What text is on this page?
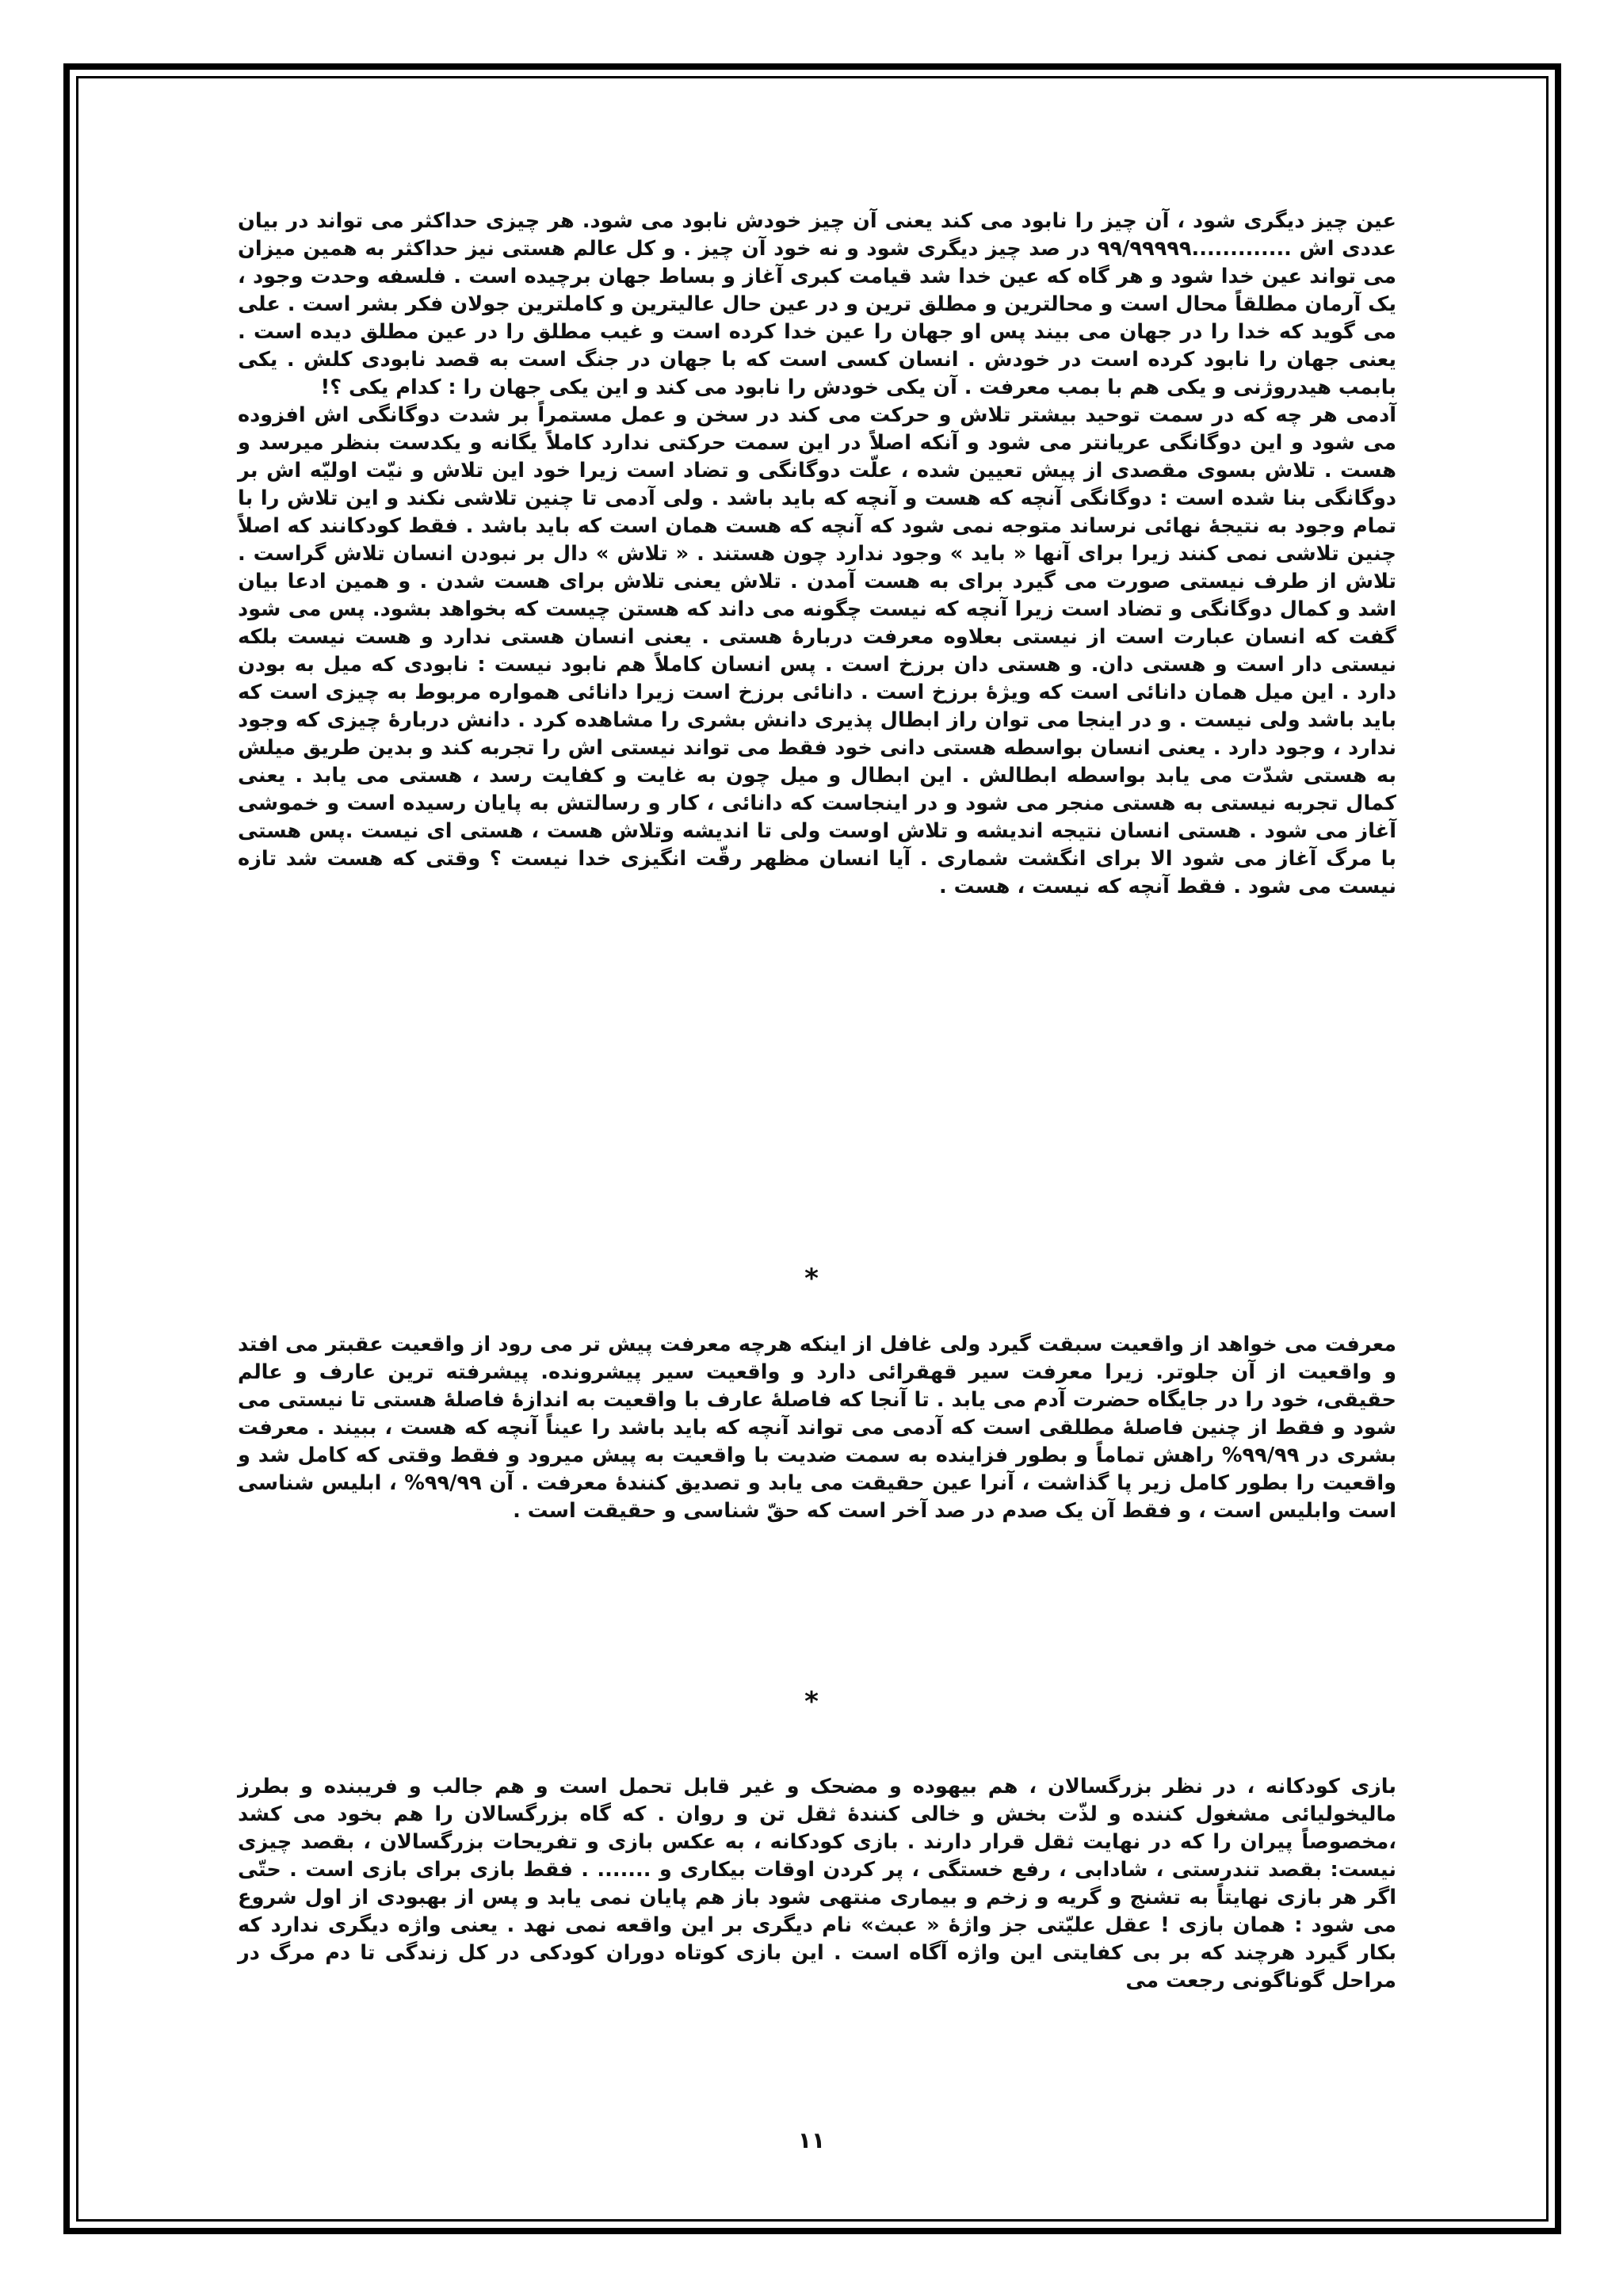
عین چیز دیگری شود ، آن چیز را نابود می کند یعنی آن چیز خودش نابود می شود. هر چیزی حداکثر می تواند در بیان عددی اش .............۹۹/۹۹۹۹۹ در صد چیز دیگری شود و نه خود آن چیز . و کل عالم هستی نیز حداکثر به همین میزان می تواند عین خدا شود و هر گاه که عین خدا شد قیامت کبری آغاز و بساط جهان برچیده است . فلسفه وحدت وجود ، یک آرمان مطلقاً محال است و محالترین و مطلق ترین و در عین حال عالیترین و کاملترین جولان فکر بشر است . علی می گوید که خدا را در جهان می بیند پس او جهان را عین خدا کرده است و غیب مطلق را در عین مطلق دیده است . یعنی جهان را نابود کرده است در خودش . انسان کسی است که با جهان در جنگ است به قصد نابودی کلش . یکی بابمب هیدروژنی و یکی هم با بمب معرفت . آن یکی خودش را نابود می کند و این یکی جهان را : کدام یکی ؟!

آدمی هر چه که در سمت توحید بیشتر تلاش و حرکت می کند در سخن و عمل مستمراً بر شدت دوگانگی اش افزوده می شود و این دوگانگی عریانتر می شود و آنکه اصلاً در این سمت حرکتی ندارد کاملاً یگانه و یکدست بنظر میرسد و هست . تلاش بسوی مقصدی از پیش تعیین شده ، علّت دوگانگی و تضاد است زیرا خود این تلاش و نیّت اولیّه اش بر دوگانگی بنا شده است : دوگانگی آنچه که هست و آنچه که باید باشد . ولی آدمی تا چنین تلاشی نکند و این تلاش را با تمام وجود به نتیجهٔ نهائی نرساند متوجه نمی شود که آنچه که هست همان است که باید باشد . فقط کودکانند که اصلاً چنین تلاشی نمی کنند زیرا برای آنها « باید » وجود ندارد چون هستند . « تلاش » دال بر نبودن انسان تلاش گراست . تلاش از طرف نیستی صورت می گیرد برای به هست آمدن . تلاش یعنی تلاش برای هست شدن . و همین ادعا بیان اشد و کمال دوگانگی و تضاد است زیرا آنچه که نیست چگونه می داند که هستن چیست که بخواهد بشود. پس می شود گفت که انسان عبارت است از نیستی بعلاوه معرفت دربارهٔ هستی . یعنی انسان هستی ندارد و هست نیست بلکه نیستی دار است و هستی دان. و هستی دان برزخ است . پس انسان کاملاً هم نابود نیست : نابودی که میل به بودن دارد . این میل همان دانائی است که ویژهٔ برزخ است . دانائی برزخ است زیرا دانائی همواره مربوط به چیزی است که باید باشد ولی نیست . و در اینجا می توان راز ابطال پذیری دانش بشری را مشاهده کرد . دانش دربارهٔ چیزی که وجود ندارد ، وجود دارد . یعنی انسان بواسطه هستی دانی خود فقط می تواند نیستی اش را تجربه کند و بدین طریق میلش به هستی شدّت می یابد بواسطه ابطالش . این ابطال و میل چون به غایت و کفایت رسد ، هستی می یابد . یعنی کمال تجربه نیستی به هستی منجر می شود و در اینجاست که دانائی ، کار و رسالتش به پایان رسیده است و خموشی آغاز می شود . هستی انسان نتیجه اندیشه و تلاش اوست ولی تا اندیشه وتلاش هست ، هستی ای نیست .پس هستی با مرگ آغاز می شود الا برای انگشت شماری . آیا انسان مظهر رقّت انگیزی خدا نیست ؟ وقتی که هست شد تازه نیست می شود . فقط آنچه که نیست ، هست .

*

معرفت می خواهد از واقعیت سبقت گیرد ولی غافل از اینکه هرچه معرفت پیش تر می رود از واقعیت عقبتر می افتد و واقعیت از آن جلوتر. زیرا معرفت سیر قهقرائی دارد و واقعیت سیر پیشرونده. پیشرفته ترین عارف و عالم حقیقی، خود را در جایگاه حضرت آدم می یابد . تا آنجا که فاصلهٔ عارف با واقعیت به اندازهٔ فاصلهٔ هستی تا نیستی می شود و فقط از چنین فاصلهٔ مطلقی است که آدمی می تواند آنچه که باید باشد را عیناً آنچه که هست ، ببیند . معرفت بشری در ۹۹/۹۹% راهش تماماً و بطور فزاینده به سمت ضدیت با واقعیت به پیش میرود و فقط وقتی که کامل شد و واقعیت را بطور کامل زیر پا گذاشت ، آنرا عین حقیقت می یابد و تصدیق کنندهٔ معرفت . آن ۹۹/۹۹% ، ابلیس شناسی است وابلیس است ، و فقط آن یک صدم در صد آخر است که حقّ شناسی و حقیقت است .

*

بازی کودکانه ، در نظر بزرگسالان ، هم بیهوده و مضحک و غیر قابل تحمل است و هم جالب و فریبنده و بطرز مالیخولیائی مشغول کننده و لذّت بخش و خالی کنندهٔ ثقل تن و روان . که گاه بزرگسالان را هم بخود می کشد ،مخصوصاً پیران را که در نهایت ثقل قرار دارند . بازی کودکانه ، به عکس بازی و تفریحات بزرگسالان ، بقصد چیزی نیست: بقصد تندرستی ، شادابی ، رفع خستگی ، پر کردن اوقات بیکاری و ....... . فقط بازی برای بازی است . حتّی اگر هر بازی نهایتاً به تشنج و گریه و زخم و بیماری منتهی شود باز هم پایان نمی یابد و پس از بهبودی از اول شروع می شود : همان بازی ! عقل علیّتی جز واژهٔ « عبث» نام دیگری بر این واقعه نمی نهد . یعنی واژه دیگری ندارد که بکار گیرد هرچند که بر بی کفایتی این واژه آگاه است . این بازی کوتاه دوران کودکی در کل زندگی تا دم مرگ در مراحل گوناگونی رجعت می

۱۱
